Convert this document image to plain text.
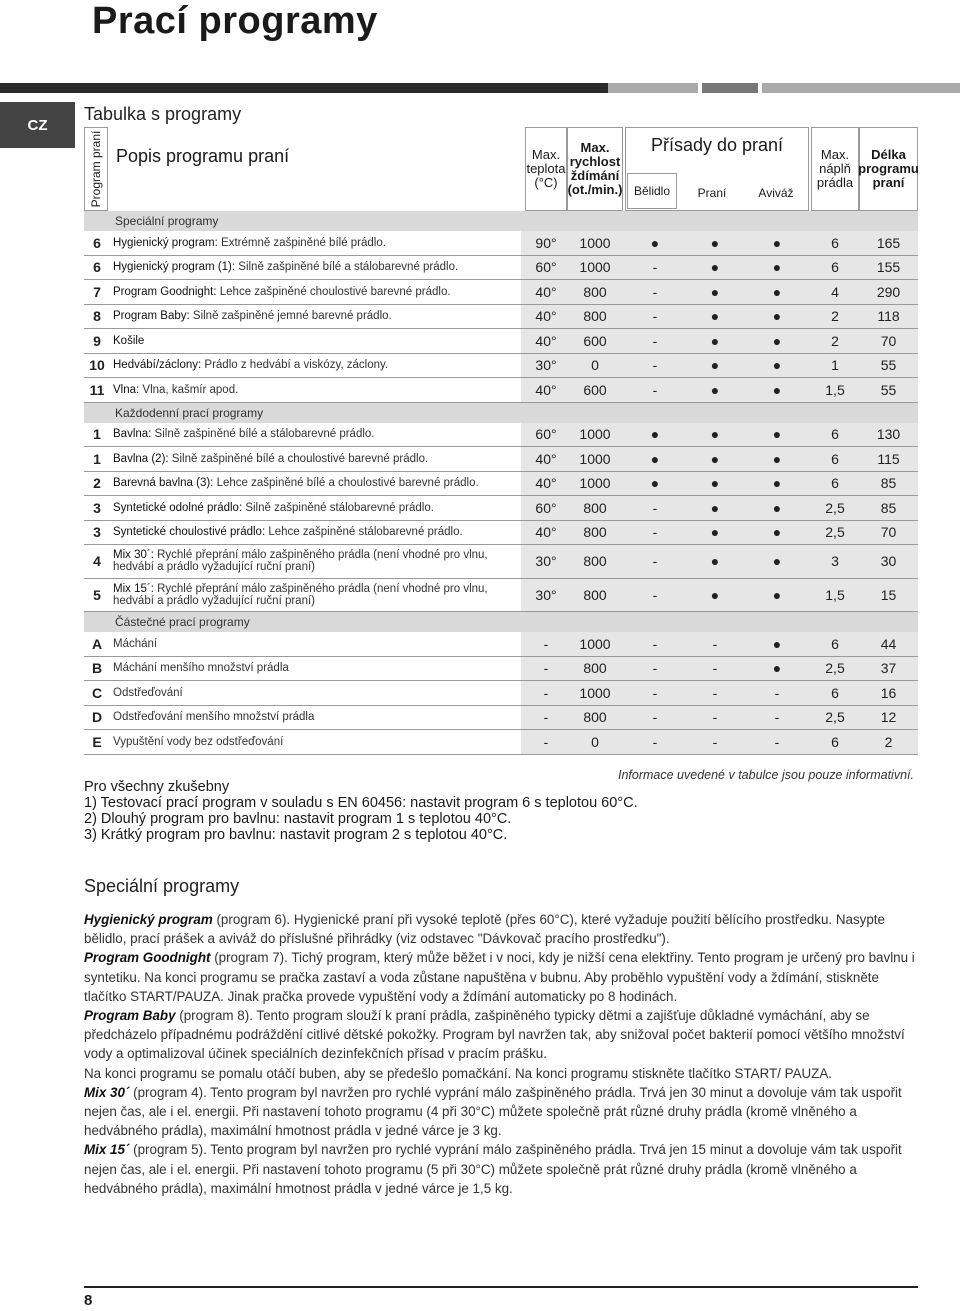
Prací programy
CZ
Tabulka s programy
Program praní Popis programu praní	Max. teplota (°C)
Max. rychlost ždímání (ot./min.)
Přísady do praní
Bělidlo	Praní	Aviváž
Max. náplň prádla
Délka programu praní
Speciální programy
6	Hygienický program: Extrémně zašpiněné bílé prádlo.	90°	1000	●	●	●	6	165
6	Hygienický program (1): Silně zašpiněné bílé a stálobarevné prádlo.	60°	1000	-	●	●	6	155
7	Program Goodnight: Lehce zašpiněné choulostivé barevné prádlo.	40°	800	-	●	●	4	290
8	Program Baby: Silně zašpiněné jemné barevné prádlo.	40°	800	-	●	●	2	118
9	Košile	40°	600	-	●	●	2	70
10 Hedvábí/záclony: Prádlo z hedvábí a viskózy, záclony.	30°	0	-	●	●	1	55
11 Vlna: Vlna, kašmír apod.	40°	600	-	●	●	1,5	55
Každodenní prací programy
1	Bavlna: Silně zašpiněné bílé a stálobarevné prádlo.	60°	1000	●	●	●	6	130
1	Bavlna (2): Silně zašpiněné bílé a choulostivé barevné prádlo.	40°	1000	●	●	●	6	115
2	Barevná bavlna (3): Lehce zašpiněné bílé a choulostivé barevné prádlo.	40°	1000	●	●	●	6	85
3	Syntetické odolné prádlo: Silně zašpiněné stálobarevné prádlo.	60°	800	-	●	●	2,5	85
3	Syntetické choulostivé prádlo: Lehce zašpiněné stálobarevné prádlo.	40°	800	-	●	●	2,5	70
4	Mix 30´: Rychlé přeprání málo zašpiněného prádla (není vhodné pro vlnu, hedvábí a prádlo vyžadující ruční praní)	30°	800	-	●	●	3	30
5	Mix 15´: Rychlé přeprání málo zašpiněného prádla (není vhodné pro vlnu, hedvábí a prádlo vyžadující ruční praní)	30°	800	-	●	●	1,5	15
Částečné prací programy
A Máchání	-	1000	-	-	●	6	44
B Máchání menšího množství prádla	-	800	-	-	●	2,5	37
C Odstřeďování	-	1000	-	-	-	6	16
D Odstřeďování menšího množství prádla	-	800	-	-	-	2,5	12
E Vypuštění vody bez odstřeďování	-	0	-	-	-	6	2
Informace uvedené v tabulce jsou pouze informativní.
Pro všechny zkušebny
1) Testovací prací program v souladu s EN 60456: nastavit program 6 s teplotou 60°C.
2) Dlouhý program pro bavlnu: nastavit program 1 s teplotou 40°C.
3) Krátký program pro bavlnu: nastavit program 2 s teplotou 40°C.
Speciální programy

Hygienický program (program 6). Hygienické praní při vysoké teplotě (přes 60°C), které vyžaduje použití bělícího prostředku. Nasypte bělidlo, prací prášek a aviváž do příslušné přihrádky (viz odstavec "Dávkovač pracího prostředku").

Program Goodnight (program 7). Tichý program, který může běžet i v noci, kdy je nižší cena elektřiny. Tento program je určený pro bavlnu i syntetiku. Na konci programu se pračka zastaví a voda zůstane napuštěna v bubnu. Aby proběhlo vypuštění vody a ždímání, stiskněte tlačítko START/PAUZA. Jinak pračka provede vypuštění vody a ždímání automaticky po 8 hodinách.

Program Baby (program 8). Tento program slouží k praní prádla, zašpiněného typicky dětmi a zajišťuje důkladné vymáchání, aby se předcházelo případnému podráždění citlivé dětské pokožky. Program byl navržen tak, aby snižoval počet bakterií pomocí většího množství vody a optimalizoval účinek speciálních dezinfekčních přísad v pracím prášku.

Na konci programu se pomalu otáčí buben, aby se předešlo pomačkání. Na konci programu stiskněte tlačítko START/ PAUZA.

Mix 30´ (program 4). Tento program byl navržen pro rychlé vyprání málo zašpiněného prádla. Trvá jen 30 minut a dovoluje vám tak uspořit nejen čas, ale i el. energii. Při nastavení tohoto programu (4 při 30°C) můžete společně prát různé druhy prádla (kromě vlněného a hedvábného prádla), maximální hmotnost prádla v jedné várce je 3 kg.

Mix 15´ (program 5). Tento program byl navržen pro rychlé vyprání málo zašpiněného prádla. Trvá jen 15 minut a dovoluje vám tak uspořit nejen čas, ale i el. energii. Při nastavení tohoto programu (5 při 30°C) můžete společně prát různé druhy prádla (kromě vlněného a hedvábného prádla), maximální hmotnost prádla v jedné várce je 1,5 kg.

8
